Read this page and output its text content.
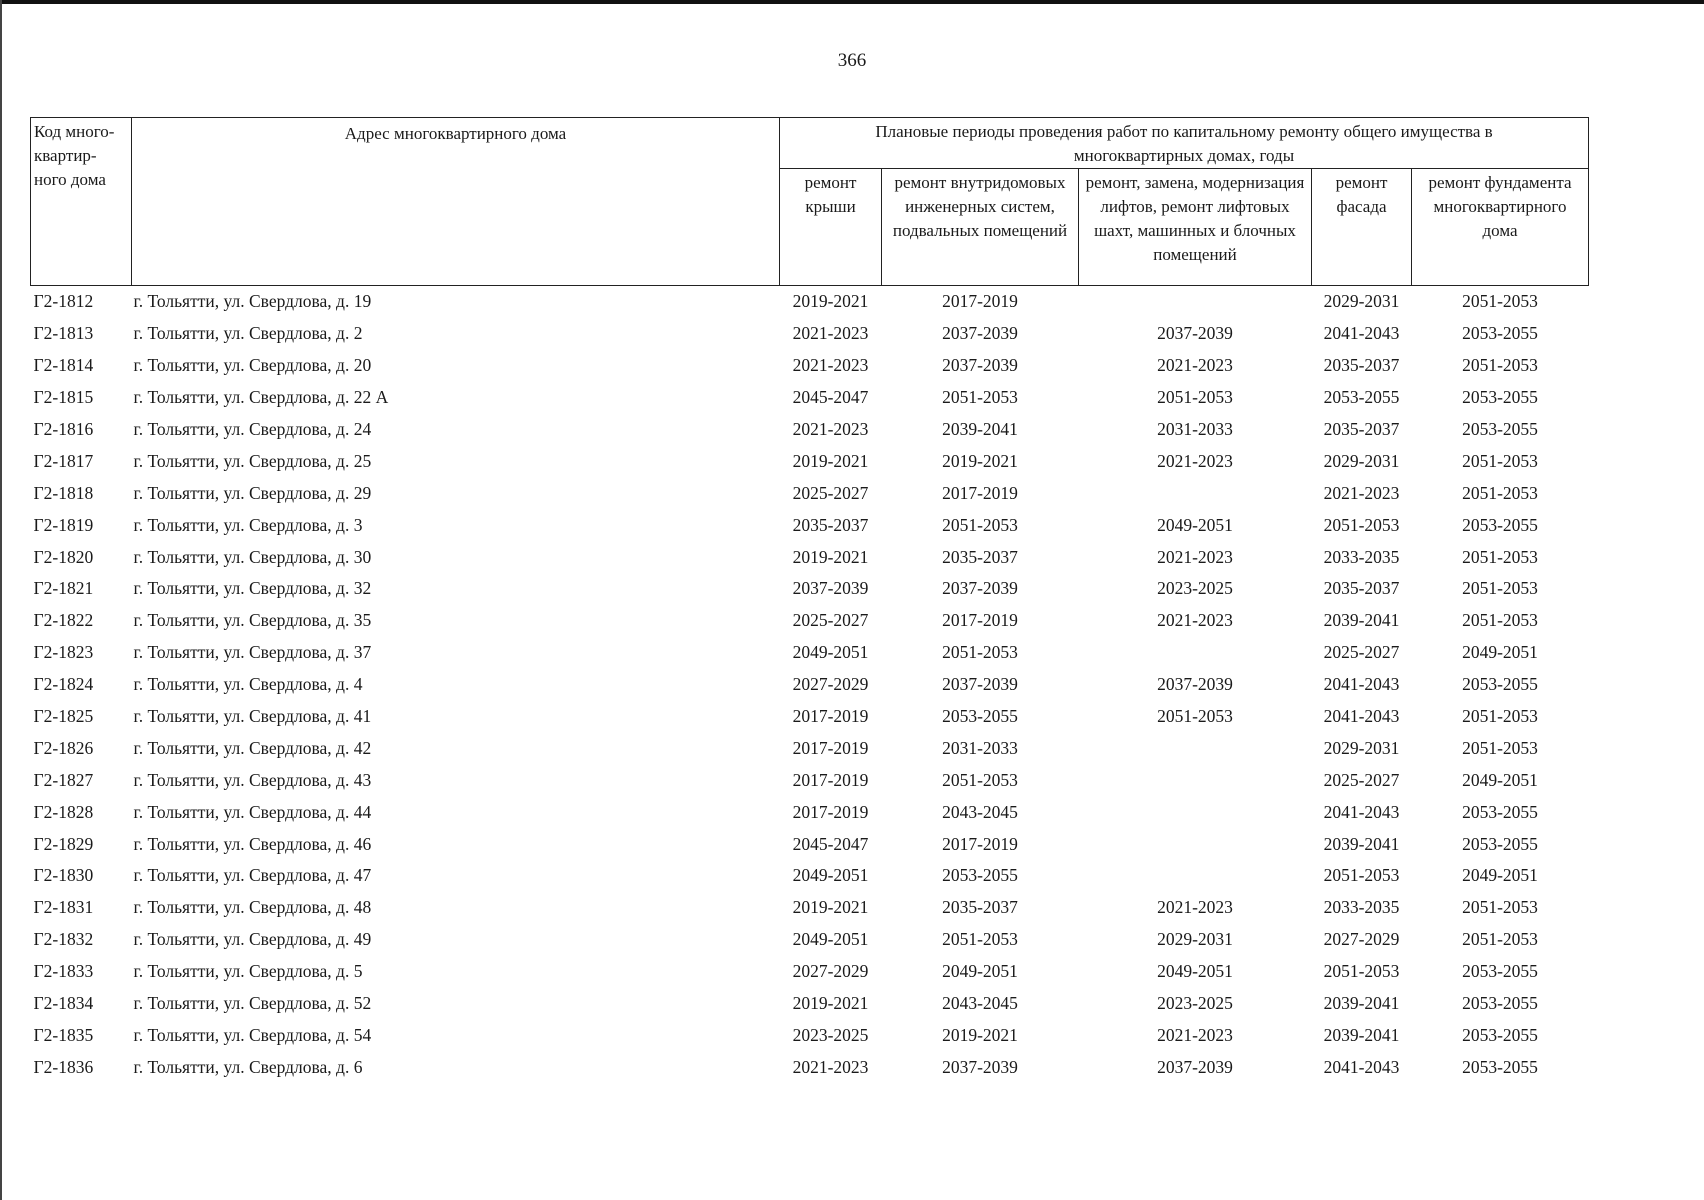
366
Код много-квартир-ного дома	Адрес многоквартирного дома	Плановые периоды проведения работ по капитальному ремонту общего имущества в многоквартирных домах, годы				
		ремонт крыши	ремонт внутридомовых инженерных систем, подвальных помещений	ремонт, замена, модернизация лифтов, ремонт лифтовых шахт, машинных и блочных помещений	ремонт фасада	ремонт фундамента многоквартирного дома
Г2-1812	г. Тольятти, ул. Свердлова, д. 19	2019-2021	2017-2019		2029-2031	2051-2053
Г2-1813	г. Тольятти, ул. Свердлова, д. 2	2021-2023	2037-2039	2037-2039	2041-2043	2053-2055
Г2-1814	г. Тольятти, ул. Свердлова, д. 20	2021-2023	2037-2039	2021-2023	2035-2037	2051-2053
Г2-1815	г. Тольятти, ул. Свердлова, д. 22 А	2045-2047	2051-2053	2051-2053	2053-2055	2053-2055
Г2-1816	г. Тольятти, ул. Свердлова, д. 24	2021-2023	2039-2041	2031-2033	2035-2037	2053-2055
Г2-1817	г. Тольятти, ул. Свердлова, д. 25	2019-2021	2019-2021	2021-2023	2029-2031	2051-2053
Г2-1818	г. Тольятти, ул. Свердлова, д. 29	2025-2027	2017-2019		2021-2023	2051-2053
Г2-1819	г. Тольятти, ул. Свердлова, д. 3	2035-2037	2051-2053	2049-2051	2051-2053	2053-2055
Г2-1820	г. Тольятти, ул. Свердлова, д. 30	2019-2021	2035-2037	2021-2023	2033-2035	2051-2053
Г2-1821	г. Тольятти, ул. Свердлова, д. 32	2037-2039	2037-2039	2023-2025	2035-2037	2051-2053
Г2-1822	г. Тольятти, ул. Свердлова, д. 35	2025-2027	2017-2019	2021-2023	2039-2041	2051-2053
Г2-1823	г. Тольятти, ул. Свердлова, д. 37	2049-2051	2051-2053		2025-2027	2049-2051
Г2-1824	г. Тольятти, ул. Свердлова, д. 4	2027-2029	2037-2039	2037-2039	2041-2043	2053-2055
Г2-1825	г. Тольятти, ул. Свердлова, д. 41	2017-2019	2053-2055	2051-2053	2041-2043	2051-2053
Г2-1826	г. Тольятти, ул. Свердлова, д. 42	2017-2019	2031-2033		2029-2031	2051-2053
Г2-1827	г. Тольятти, ул. Свердлова, д. 43	2017-2019	2051-2053		2025-2027	2049-2051
Г2-1828	г. Тольятти, ул. Свердлова, д. 44	2017-2019	2043-2045		2041-2043	2053-2055
Г2-1829	г. Тольятти, ул. Свердлова, д. 46	2045-2047	2017-2019		2039-2041	2053-2055
Г2-1830	г. Тольятти, ул. Свердлова, д. 47	2049-2051	2053-2055		2051-2053	2049-2051
Г2-1831	г. Тольятти, ул. Свердлова, д. 48	2019-2021	2035-2037	2021-2023	2033-2035	2051-2053
Г2-1832	г. Тольятти, ул. Свердлова, д. 49	2049-2051	2051-2053	2029-2031	2027-2029	2051-2053
Г2-1833	г. Тольятти, ул. Свердлова, д. 5	2027-2029	2049-2051	2049-2051	2051-2053	2053-2055
Г2-1834	г. Тольятти, ул. Свердлова, д. 52	2019-2021	2043-2045	2023-2025	2039-2041	2053-2055
Г2-1835	г. Тольятти, ул. Свердлова, д. 54	2023-2025	2019-2021	2021-2023	2039-2041	2053-2055
Г2-1836	г. Тольятти, ул. Свердлова, д. 6	2021-2023	2037-2039	2037-2039	2041-2043	2053-2055
